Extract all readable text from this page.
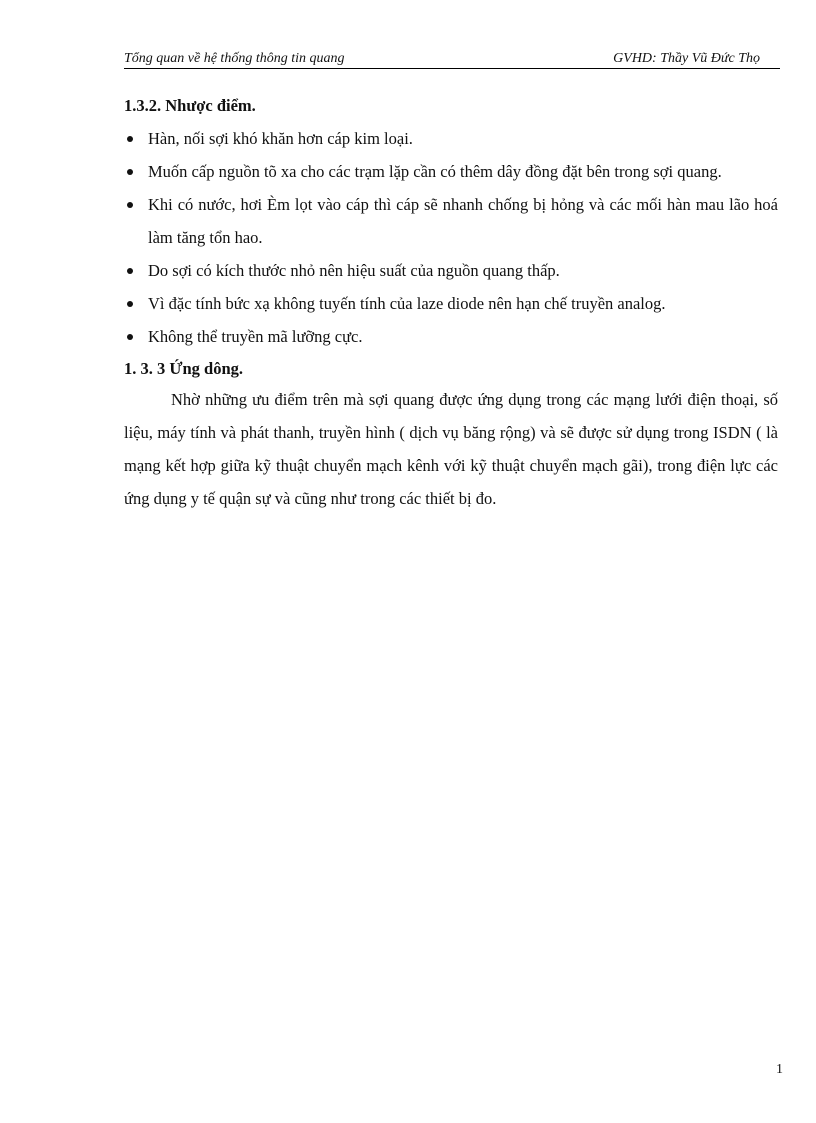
Tổng quan về hệ thống thông tin quang	GVHD: Thầy Vũ Đức Thọ
1.3.2. Nhược điểm.
Hàn, nối sợi khó khăn hơn cáp kim loại.
Muốn cấp nguồn tõ xa cho các trạm lặp cần có thêm dây đồng đặt bên trong sợi quang.
Khi có nước, hơi Èm lọt vào cáp thì cáp sẽ nhanh chống bị hỏng và các mối hàn mau lão hoá làm tăng tổn hao.
Do sợi có kích thước nhỏ nên hiệu suất của nguồn quang thấp.
Vì đặc tính bức xạ không tuyến tính của laze diode nên hạn chế truyền analog.
Không thể truyền mã lưỡng cực.
1. 3. 3 Ứng dông.

Nhờ những ưu điểm trên mà sợi quang được ứng dụng trong các mạng lưới điện thoại, số liệu, máy tính và phát thanh, truyền hình ( dịch vụ băng rộng) và sẽ được sử dụng trong ISDN ( là mạng kết hợp giữa kỹ thuật chuyển mạch kênh với kỹ thuật chuyển mạch gãi), trong điện lực các ứng dụng y tế quận sự và cũng như trong các thiết bị đo.

1
